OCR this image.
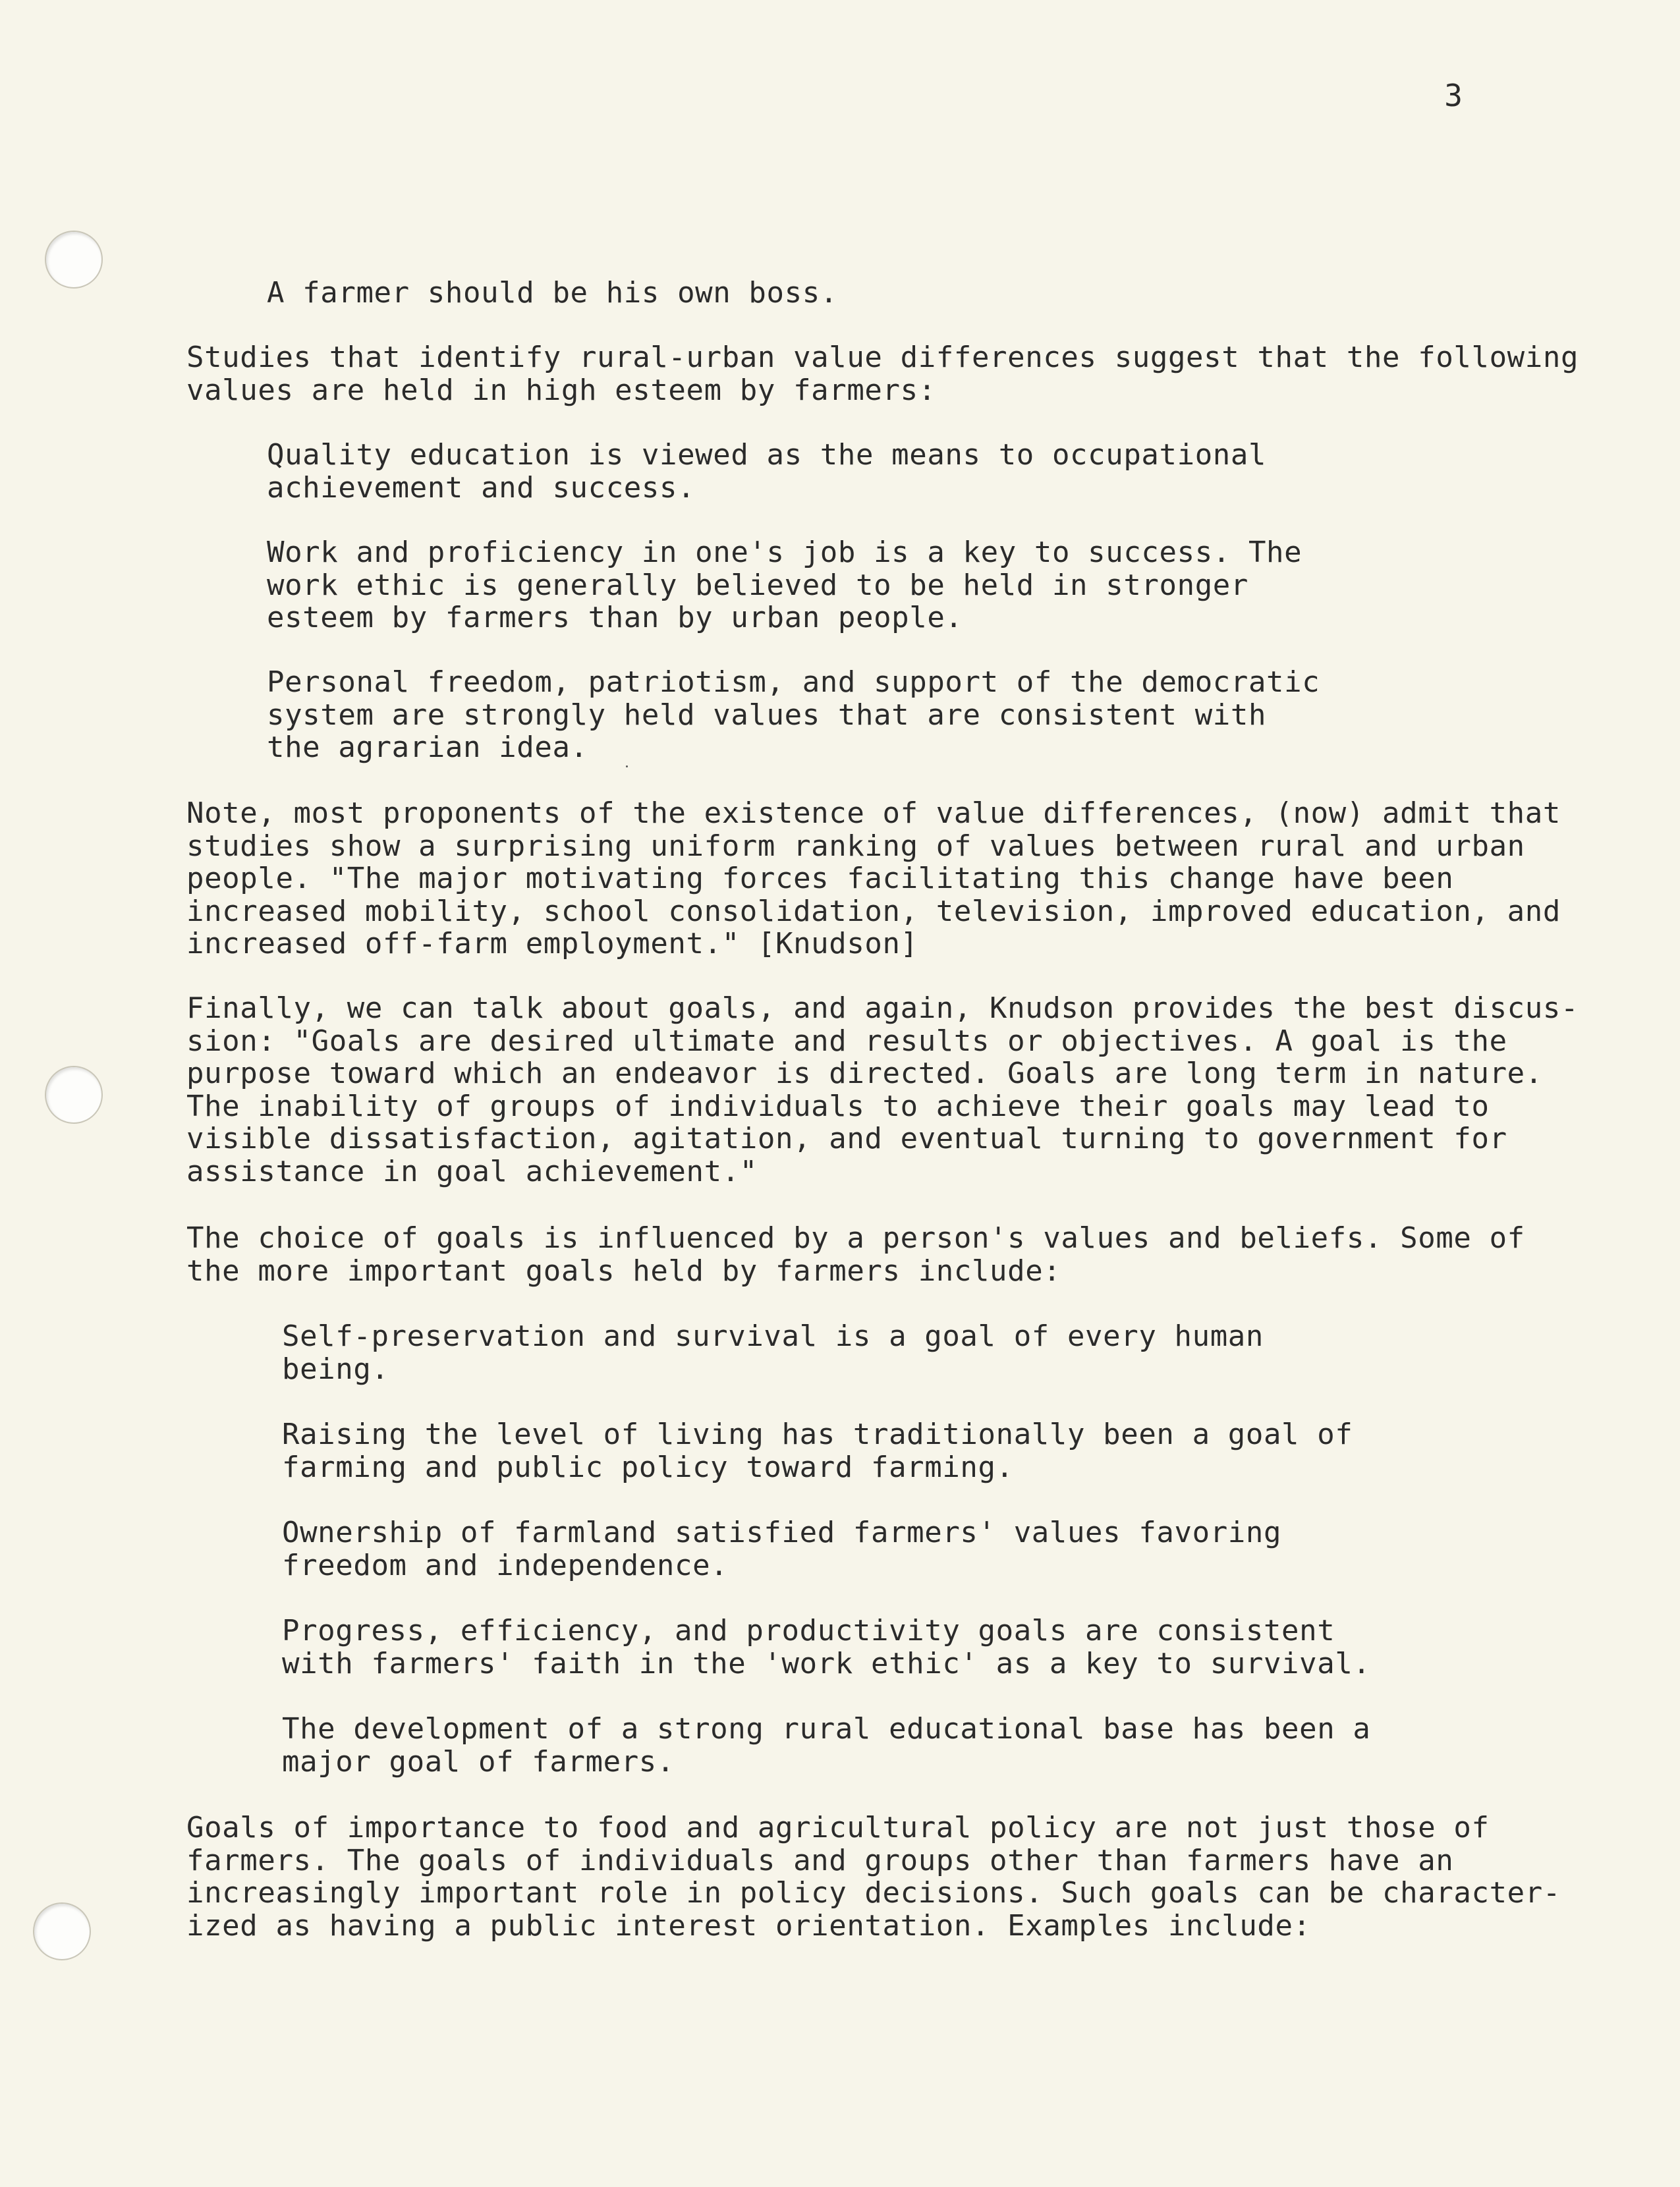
3
A farmer should be his own boss.
Studies that identify rural-urban value differences suggest that the following
values are held in high esteem by farmers:
Quality education is viewed as the means to occupational
achievement and success.
Work and proficiency in one's job is a key to success. The
work ethic is generally believed to be held in stronger
esteem by farmers than by urban people.
Personal freedom, patriotism, and support of the democratic
system are strongly held values that are consistent with
the agrarian idea.
Note, most proponents of the existence of value differences, (now) admit that
studies show a surprising uniform ranking of values between rural and urban
people. "The major motivating forces facilitating this change have been
increased mobility, school consolidation, television, improved education, and
increased off-farm employment." [Knudson]
Finally, we can talk about goals, and again, Knudson provides the best discus-
sion: "Goals are desired ultimate and results or objectives. A goal is the
purpose toward which an endeavor is directed. Goals are long term in nature.
The inability of groups of individuals to achieve their goals may lead to
visible dissatisfaction, agitation, and eventual turning to government for
assistance in goal achievement."
The choice of goals is influenced by a person's values and beliefs. Some of
the more important goals held by farmers include:
Self-preservation and survival is a goal of every human
being.
Raising the level of living has traditionally been a goal of
farming and public policy toward farming.
Ownership of farmland satisfied farmers' values favoring
freedom and independence.
Progress, efficiency, and productivity goals are consistent
with farmers' faith in the 'work ethic' as a key to survival.
The development of a strong rural educational base has been a
major goal of farmers.
Goals of importance to food and agricultural policy are not just those of
farmers. The goals of individuals and groups other than farmers have an
increasingly important role in policy decisions. Such goals can be character-
ized as having a public interest orientation. Examples include:
